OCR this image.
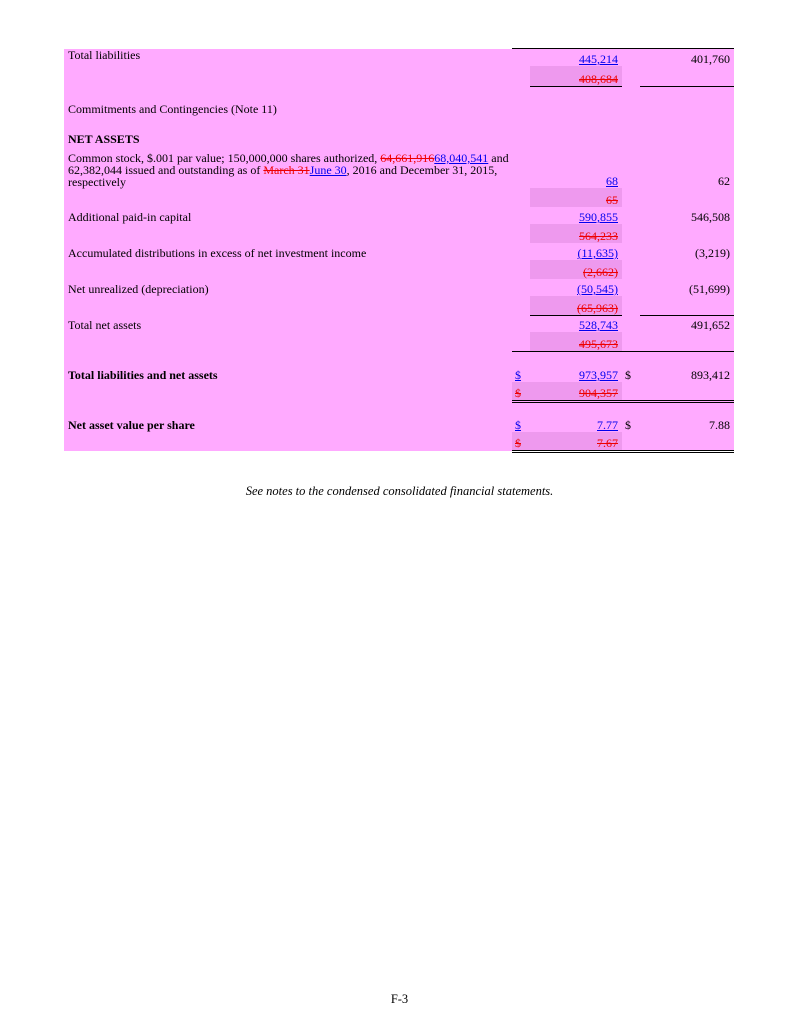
Total liabilities		445,214		401,760
		408,684		

Commitments and Contingencies (Note 11)				

NET ASSETS				

Common stock, $.001 par value; 150,000,000 shares authorized, 64,661,91668,040,541 and
62,382,044 issued and outstanding as of March 31June 30, 2016 and December 31, 2015,
respectively		68		62
		65		
Additional paid-in capital		590,855		546,508
		564,233		
Accumulated distributions in excess of net investment income		(11,635)		(3,219)
		(2,662)		
Net unrealized (depreciation)		(50,545)		(51,699)
		(65,963)		
Total net assets		528,743		491,652
		495,673		

Total liabilities and net assets	$	973,957	$	893,412
	$	904,357		

Net asset value per share	$	7.77	$	7.88
	$	7.67		
See notes to the condensed consolidated financial statements.
F-3
